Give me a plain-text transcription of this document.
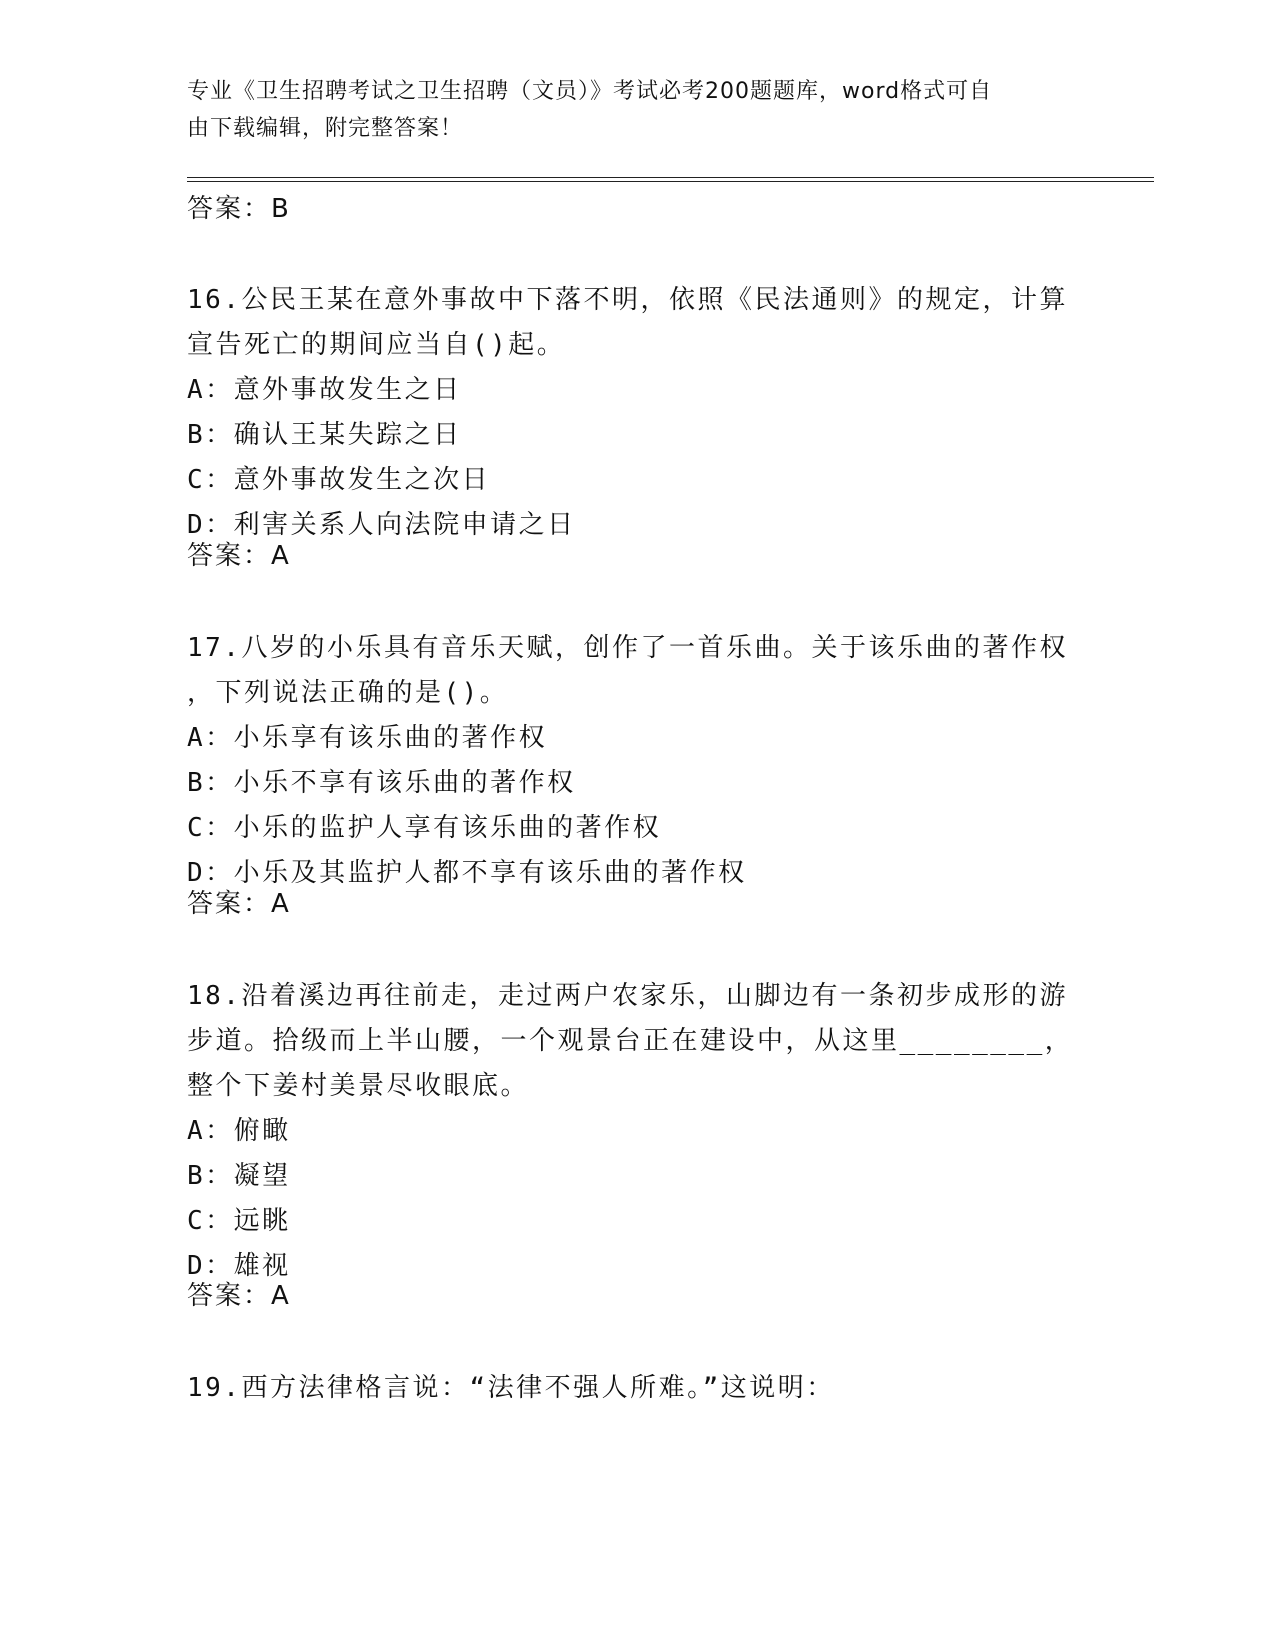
专业《卫生招聘考试之卫生招聘（文员）》考试必考200题题库，word格式可自
由下载编辑，附完整答案！
答案：B

16.公民王某在意外事故中下落不明，依照《民法通则》的规定，计算

宣告死亡的期间应当自()起。

A：意外事故发生之日

B：确认王某失踪之日

C：意外事故发生之次日

D：利害关系人向法院申请之日

答案：A

17.八岁的小乐具有音乐天赋，创作了一首乐曲。关于该乐曲的著作权

，下列说法正确的是()。

A：小乐享有该乐曲的著作权

B：小乐不享有该乐曲的著作权

C：小乐的监护人享有该乐曲的著作权

D：小乐及其监护人都不享有该乐曲的著作权

答案：A

18.沿着溪边再往前走，走过两户农家乐，山脚边有一条初步成形的游

步道。拾级而上半山腰，一个观景台正在建设中，从这里________，

整个下姜村美景尽收眼底。

A：俯瞰

B：凝望

C：远眺

D：雄视

答案：A

19.西方法律格言说：“法律不强人所难。”这说明：
